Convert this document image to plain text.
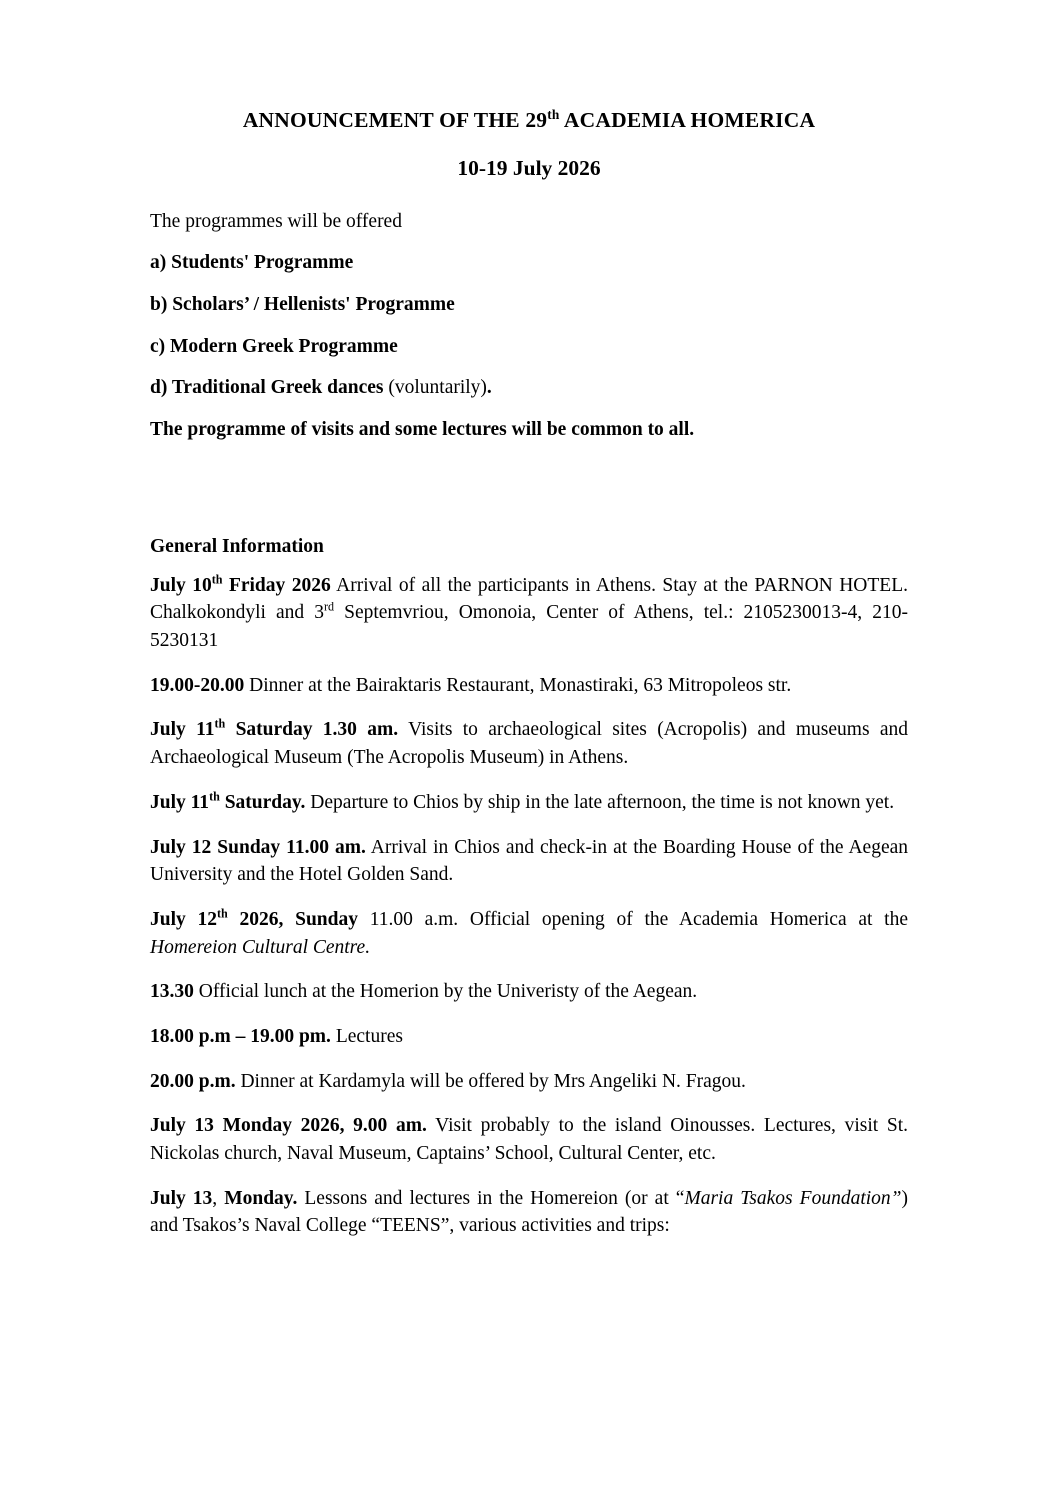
ANNOUNCEMENT OF THE 29th ACADEMIA HOMERICA
10-19 July 2026

The programmes will be offered

a) Students' Programme

b) Scholars’ / Hellenists' Programme

c) Modern Greek Programme

d) Traditional Greek dances (voluntarily).

The programme of visits and some lectures will be common to all.

General Information

July 10th Friday 2026 Arrival of all the participants in Athens. Stay at the PARNON HOTEL. Chalkokondyli and 3rd Septemvriou, Omonoia, Center of Athens, tel.: 2105230013-4, 210-5230131

19.00-20.00 Dinner at the Bairaktaris Restaurant, Monastiraki, 63 Mitropoleos str.

July 11th Saturday 1.30 am. Visits to archaeological sites (Acropolis) and museums and Archaeological Museum (The Acropolis Museum) in Athens.

July 11th Saturday. Departure to Chios by ship in the late afternoon, the time is not known yet.

July 12 Sunday 11.00 am. Arrival in Chios and check-in at the Boarding House of the Aegean University and the Hotel Golden Sand.

July 12th 2026, Sunday 11.00 a.m. Official opening of the Academia Homerica at the Homereion Cultural Centre.

13.30 Official lunch at the Homerion by the Univeristy of the Aegean.

18.00 p.m – 19.00 pm. Lectures

20.00 p.m. Dinner at Kardamyla will be offered by Mrs Angeliki N. Fragou.

July 13 Monday 2026, 9.00 am. Visit probably to the island Oinousses. Lectures, visit St. Nickolas church, Naval Museum, Captains’ School, Cultural Center, etc.

July 13, Monday. Lessons and lectures in the Homereion (or at “Maria Tsakos Foundation”) and Tsakos’s Naval College “TEENS”, various activities and trips:
